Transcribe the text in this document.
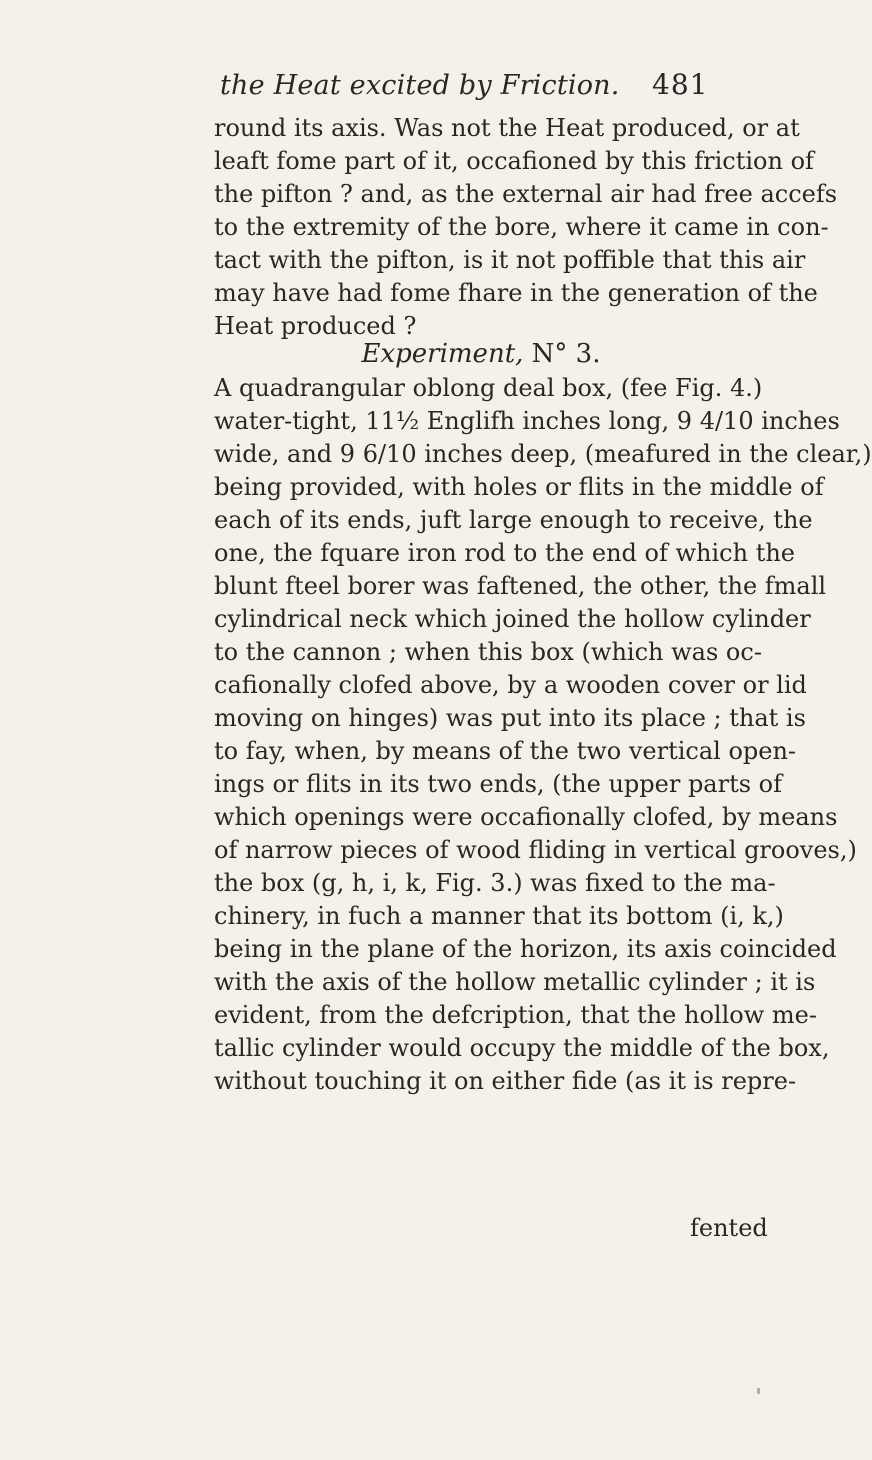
the Heat excited by Friction.	481
round its axis. Was not the Heat produced, or at
leaft fome part of it, occafioned by this friction of
the pifton ? and, as the external air had free accefs
to the extremity of the bore, where it came in con-
tact with the pifton, is it not poffible that this air
may have had fome fhare in the generation of the
Heat produced ?
Experiment, N° 3.
A quadrangular oblong deal box, (fee Fig. 4.)
water-tight, 11½ Englifh inches long, 9 4/10 inches
wide, and 9 6/10 inches deep, (meafured in the clear,)
being provided, with holes or flits in the middle of
each of its ends, juft large enough to receive, the
one, the fquare iron rod to the end of which the
blunt fteel borer was faftened, the other, the fmall
cylindrical neck which joined the hollow cylinder
to the cannon ; when this box (which was oc-
cafionally clofed above, by a wooden cover or lid
moving on hinges) was put into its place ; that is
to fay, when, by means of the two vertical open-
ings or flits in its two ends, (the upper parts of
which openings were occafionally clofed, by means
of narrow pieces of wood fliding in vertical grooves,)
the box (g, h, i, k, Fig. 3.) was fixed to the ma-
chinery, in fuch a manner that its bottom (i, k,)
being in the plane of the horizon, its axis coincided
with the axis of the hollow metallic cylinder ; it is
evident, from the defcription, that the hollow me-
tallic cylinder would occupy the middle of the box,
without touching it on either fide (as it is repre-
fented
